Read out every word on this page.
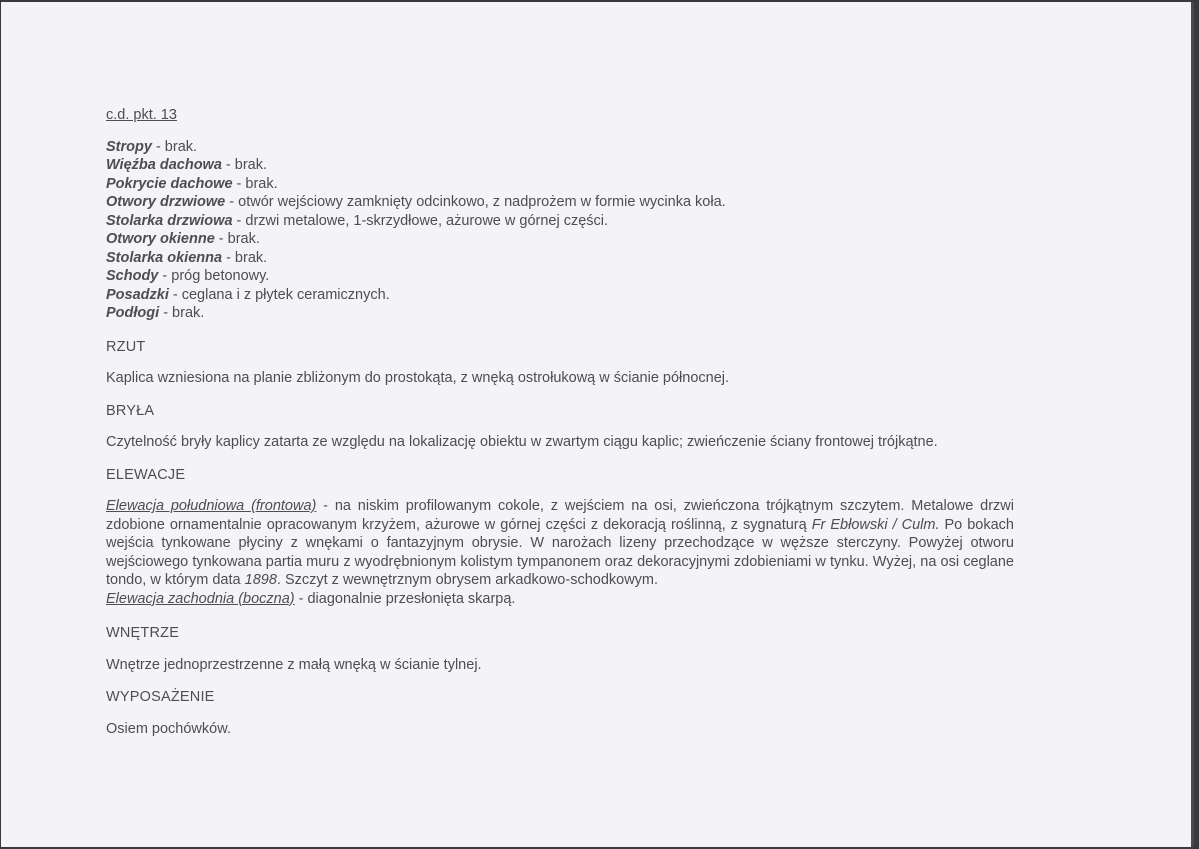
c.d. pkt. 13
Stropy - brak.
Więźba dachowa - brak.
Pokrycie dachowe - brak.
Otwory drzwiowe - otwór wejściowy zamknięty odcinkowo, z nadprożem w formie wycinka koła.
Stolarka drzwiowa - drzwi metalowe, 1-skrzydłowe, ażurowe w górnej części.
Otwory okienne - brak.
Stolarka okienna - brak.
Schody - próg betonowy.
Posadzki - ceglana i z płytek ceramicznych.
Podłogi - brak.
RZUT
Kaplica wzniesiona na planie zbliżonym do prostokąta, z wnęką ostrołukową w ścianie północnej.
BRYŁA
Czytelność bryły kaplicy zatarta ze względu na lokalizację obiektu w zwartym ciągu kaplic; zwieńczenie ściany frontowej trójkątne.
ELEWACJE
Elewacja południowa (frontowa) - na niskim profilowanym cokole, z wejściem na osi, zwieńczona trójkątnym szczytem. Metalowe drzwi zdobione ornamentalnie opracowanym krzyżem, ażurowe w górnej części z dekoracją roślinną, z sygnaturą Fr Ebłowski / Culm. Po bokach wejścia tynkowane płyciny z wnękami o fantazyjnym obrysie. W narożach lizeny przechodzące w węższe sterczyny. Powyżej otworu wejściowego tynkowana partia muru z wyodrębnionym kolistym tympanonem oraz dekoracyjnymi zdobieniami w tynku. Wyżej, na osi ceglane tondo, w którym data 1898. Szczyt z wewnętrznym obrysem arkadkowo-schodkowym.
Elewacja zachodnia (boczna) - diagonalnie przesłonięta skarpą.
WNĘTRZE
Wnętrze jednoprzestrzenne z małą wnęką w ścianie tylnej.
WYPOSAŻENIE
Osiem pochówków.
